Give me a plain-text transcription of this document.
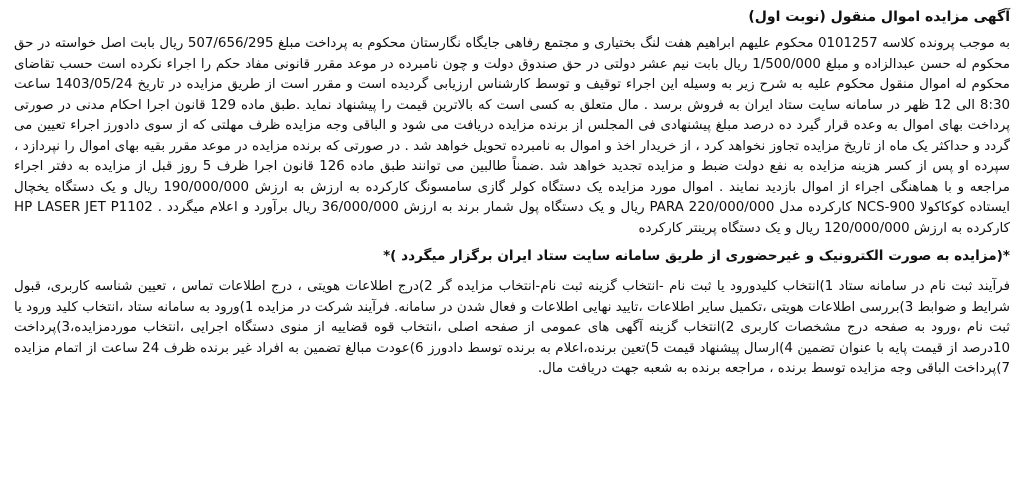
آگهی مزایده اموال منقول (نوبت اول)

به موجب پرونده کلاسه 0101257 محکوم علیهم ابراهیم هفت لنگ بختیاری و مجتمع رفاهی جایگاه نگارستان محکوم به پرداخت مبلغ 507/656/295 ریال بابت اصل خواسته در حق محکوم له حسن عبدالزاده و مبلغ 1/500/000 ریال بابت نیم عشر دولتی در حق صندوق دولت و چون نامبرده در موعد مقرر قانونی مفاد حکم را اجراء نکرده است حسب تقاضای محکوم له اموال منقول محکوم علیه به شرح زیر به وسیله این اجراء توقیف و توسط کارشناس ارزیابی گردیده است و مقرر است از طریق مزایده در تاریخ 1403/05/24 ساعت 8:30 الی 12 ظهر در سامانه سایت ستاد ایران به فروش برسد . مال متعلق به کسی است که بالاترین قیمت را پیشنهاد نماید .طبق ماده 129 قانون اجرا احکام مدنی در صورتی پرداخت بهای اموال به وعده قرار گیرد ده درصد مبلغ پیشنهادی فی المجلس از برنده مزایده دریافت می شود و الباقی وجه مزایده ظرف مهلتی که از سوی دادورز اجراء تعیین می گردد و حداکثر یک ماه از تاریخ مزایده تجاوز نخواهد کرد ، از خریدار اخذ و اموال به نامبرده تحویل خواهد شد . در صورتی که برنده مزایده در موعد مقرر بقیه بهای اموال را نپردازد ، سپرده او پس از کسر هزینه مزایده به نفع دولت ضبط و مزایده تجدید خواهد شد .ضمناً طالبین می توانند طبق ماده 126 قانون اجرا ظرف 5 روز قبل از مزایده به دفتر اجراء مراجعه و با هماهنگی اجراء از اموال بازدید نمایند . اموال مورد مزایده یک دستگاه کولر گازی سامسونگ کارکرده به ارزش به ارزش 190/000/000 ریال و یک دستگاه یخچال ایستاده کوکاکولا NCS-900 کارکرده مدل PARA 220/000/000 ریال و یک دستگاه پول شمار برند به ارزش 36/000/000 ریال برآورد و اعلام میگردد . HP LASER JET P1102 کارکرده به ارزش 120/000/000 ریال و یک دستگاه پرینتر کارکرده

*(مزایده به صورت الکترونیک و غیرحضوری از طریق سامانه سایت ستاد ایران برگزار میگردد )*

فرآیند ثبت نام در سامانه ستاد 1)انتخاب کلیدورود یا ثبت نام -انتخاب گزینه ثبت نام-انتخاب مزایده گر 2)درج اطلاعات هویتی ، درج اطلاعات تماس ، تعیین شناسه کاربری، قبول شرایط و ضوابط 3)بررسی اطلاعات هویتی ،تکمیل سایر اطلاعات ،تایید نهایی اطلاعات و فعال شدن در سامانه. فرآیند شرکت در مزایده 1)ورود به سامانه ستاد ،انتخاب کلید ورود یا ثبت نام ،ورود به صفحه درج مشخصات کاربری 2)انتخاب گزینه آگهی های عمومی از صفحه اصلی ،انتخاب قوه قضاییه از منوی دستگاه اجرایی ،انتخاب موردمزایده،3)پرداخت 10درصد از قیمت پایه با عنوان تضمین 4)ارسال پیشنهاد قیمت 5)تعین برنده،اعلام به برنده توسط دادورز 6)عودت مبالغ تضمین به افراد غیر برنده ظرف 24 ساعت از اتمام مزایده 7)پرداخت الباقی وجه مزایده توسط برنده ، مراجعه برنده به شعبه جهت دریافت مال.
